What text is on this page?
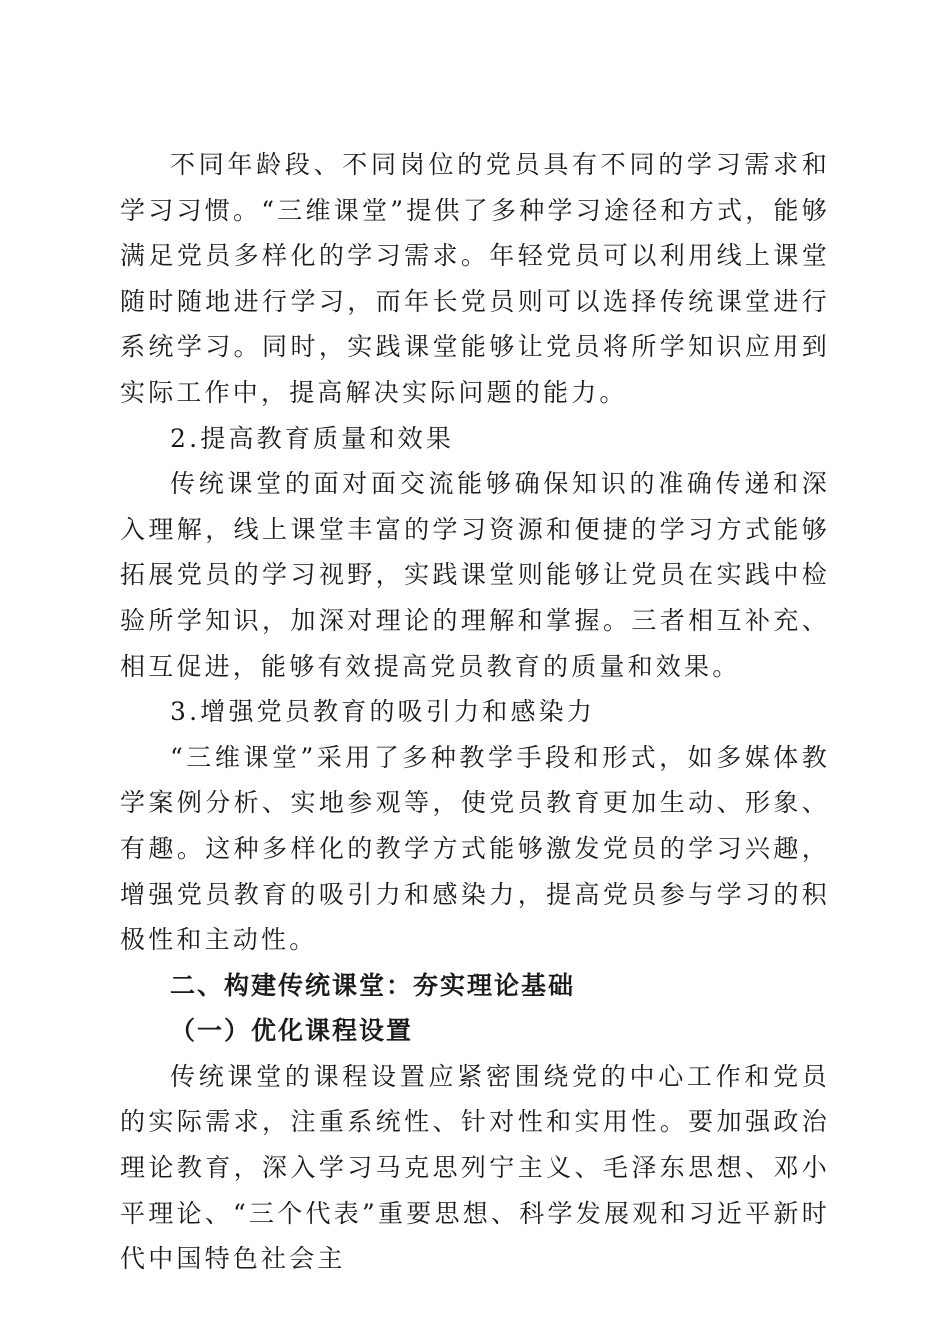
不同年龄段、不同岗位的党员具有不同的学习需求和学习习惯。“三维课堂”提供了多种学习途径和方式，能够满足党员多样化的学习需求。年轻党员可以利用线上课堂随时随地进行学习，而年长党员则可以选择传统课堂进行系统学习。同时，实践课堂能够让党员将所学知识应用到实际工作中，提高解决实际问题的能力。

2.提高教育质量和效果

传统课堂的面对面交流能够确保知识的准确传递和深入理解，线上课堂丰富的学习资源和便捷的学习方式能够拓展党员的学习视野，实践课堂则能够让党员在实践中检验所学知识，加深对理论的理解和掌握。三者相互补充、相互促进，能够有效提高党员教育的质量和效果。

3.增强党员教育的吸引力和感染力

“三维课堂”采用了多种教学手段和形式，如多媒体教学案例分析、实地参观等，使党员教育更加生动、形象、有趣。这种多样化的教学方式能够激发党员的学习兴趣，增强党员教育的吸引力和感染力，提高党员参与学习的积极性和主动性。

二、构建传统课堂：夯实理论基础

（一）优化课程设置

传统课堂的课程设置应紧密围绕党的中心工作和党员的实际需求，注重系统性、针对性和实用性。要加强政治理论教育，深入学习马克思列宁主义、毛泽东思想、邓小平理论、“三个代表”重要思想、科学发展观和习近平新时代中国特色社会主
